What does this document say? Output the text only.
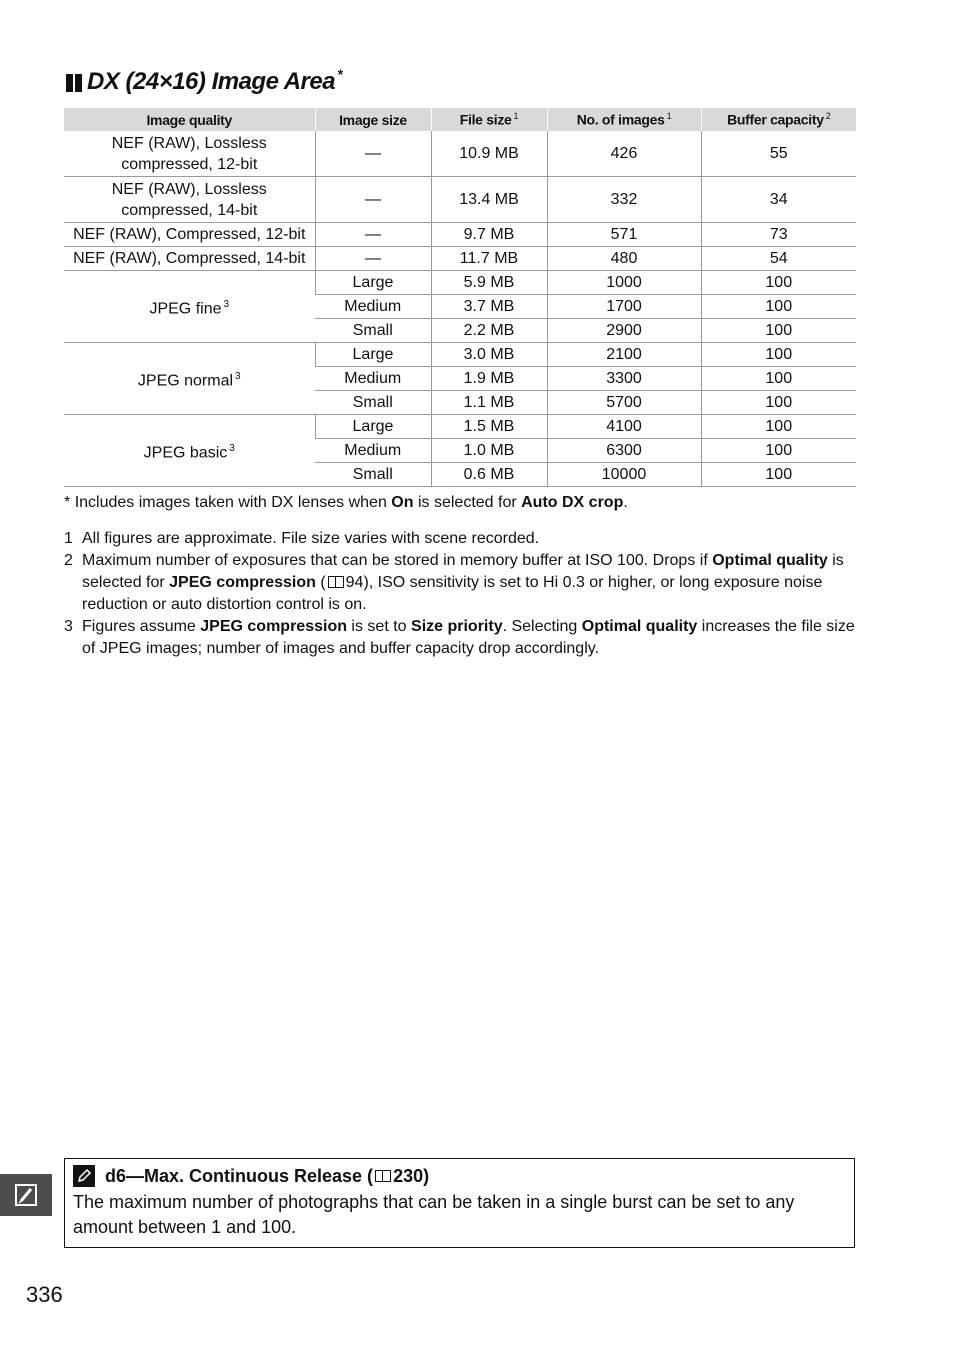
DX (24×16) Image Area*
Image quality	Image size	File size $^1$	No. of images $^1$	Buffer capacity $^2$

NEF (RAW), Lossless compressed, 12-bit	—	10.9 MB	426	55

NEF (RAW), Lossless compressed, 14-bit	—	13.4 MB	332	34
NEF (RAW), Compressed, 12-bit	—	9.7 MB	571	73
NEF (RAW), Compressed, 14-bit	—	11.7 MB	480	54
JPEG fine $^3$	Large	5.9 MB	1000	100
	Medium	3.7 MB	1700	100
	Small	2.2 MB	2900	100
JPEG normal $^3$	Large	3.0 MB	2100	100
	Medium	1.9 MB	3300	100
	Small	1.1 MB	5700	100
JPEG basic $^3$	Large	1.5 MB	4100	100
	Medium	1.0 MB	6300	100
	Small	0.6 MB	10000	100
* Includes images taken with DX lenses when On is selected for Auto DX crop.
1 All figures are approximate. File size varies with scene recorded.
2 Maximum number of exposures that can be stored in memory buffer at ISO 100. Drops if Optimal quality is selected for JPEG compression ( 94), ISO sensitivity is set to Hi 0.3 or higher, or long exposure noise reduction or auto distortion control is on.
3 Figures assume JPEG compression is set to Size priority. Selecting Optimal quality increases the file size of JPEG images; number of images and buffer capacity drop accordingly.
d6—Max. Continuous Release ( 230 )
The maximum number of photographs that can be taken in a single burst can be set to any amount between 1 and 100.
336
